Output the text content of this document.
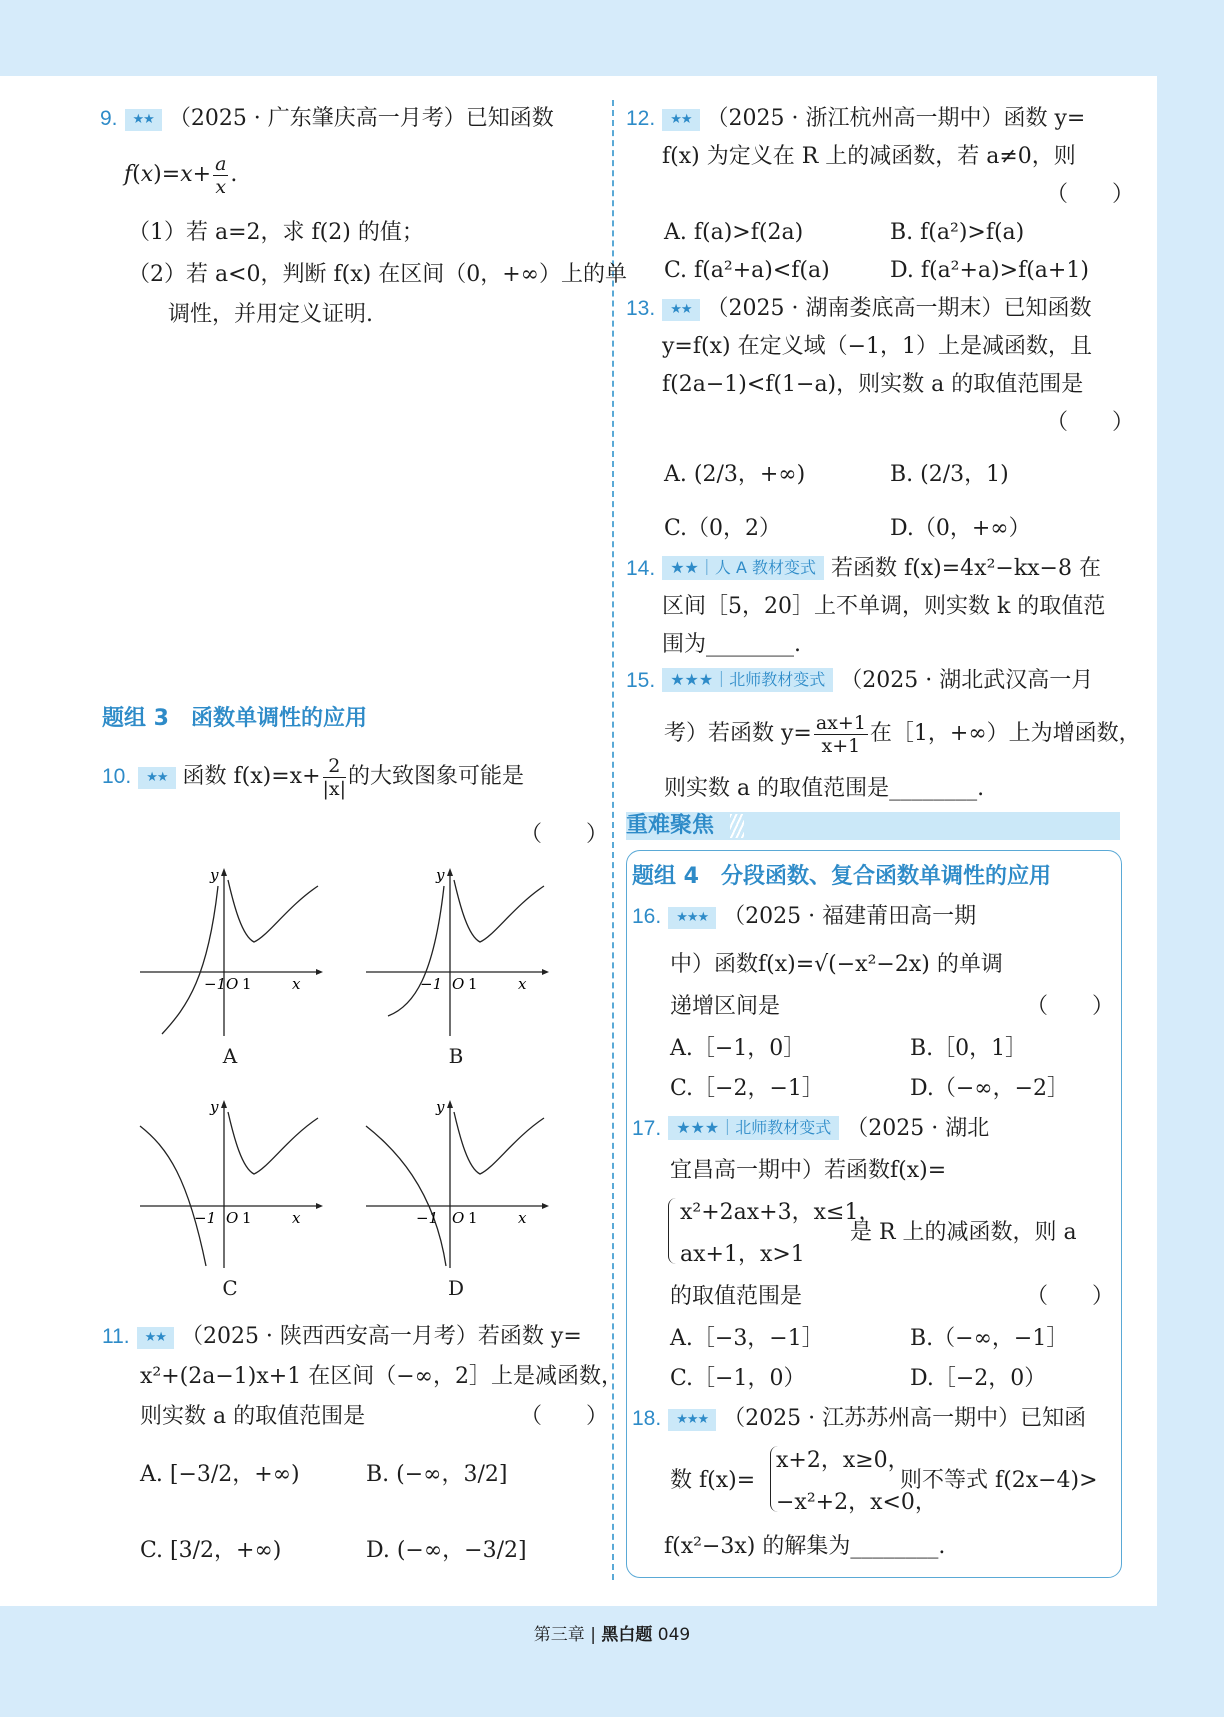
9. ★★ （2025 · 广东肇庆高一月考）已知函数
$f(x)=x+ \frac{a}{x}$ .
（1）若 a=2，求 f(2) 的值；
（2）若 a<0，判断 f(x) 在区间（0，+∞）上的单
调性，并用定义证明.
题组 3　函数单调性的应用
10. ★★ 函数 $f(x)=x+ \frac{2}{|x|}$ 的大致图象可能是
（　　）
−1 O 1	x
y
A
−1 O 1	x
y
B
−1 O 1	x
y
C
−1 O 1	x
y
D
11. ★★ （2025 · 陕西西安高一月考）若函数 y=
x²+(2a−1)x+1 在区间（−∞，2］上是减函数，
则实数 a 的取值范围是	（　　）
A. [−3/2，+∞)	B. (−∞，3/2]
C. [3/2，+∞)	D. (−∞，−3/2]
12. ★★ （2025 · 浙江杭州高一期中）函数 y=
f(x) 为定义在 R 上的减函数，若 a≠0，则
（　　）
A. f(a)>f(2a)	B. f(a²)>f(a)
C. f(a²+a)<f(a)	D. f(a²+a)>f(a+1)
13. ★★ （2025 · 湖南娄底高一期末）已知函数
y=f(x) 在定义域（−1，1）上是减函数，且
f(2a−1)<f(1−a)，则实数 a 的取值范围是
（　　）
A. (2/3，+∞)	B. (2/3，1)
C.（0，2）	D.（0，+∞）
14. ★★｜人 A 教材变式 若函数 f(x)=4x²−kx−8 在
区间［5，20］上不单调，则实数 k 的取值范
围为________.
15. ★★★｜北师教材变式 （2025 · 湖北武汉高一月
考）若函数 $y= \frac{ax+1}{x+1}$ 在［1，+∞）上为增函数，
则实数 a 的取值范围是________.
重难聚焦
题组 4　分段函数、复合函数单调性的应用
16. ★★★ （2025 · 福建莆田高一期
中）函数f(x)=√(−x²−2x) 的单调
递增区间是	（　　）
A.［−1，0］	B.［0，1］
C.［−2，−1］	D.（−∞，−2］
17. ★★★｜北师教材变式 （2025 · 湖北
宜昌高一期中）若函数f(x)=
x²+2ax+3，x≤1，
ax+1，x>1
是 R 上的减函数，则 a
的取值范围是	（　　）
A.［−3，−1］	B.（−∞，−1］
C.［−1，0）	D.［−2，0）
18. ★★★ （2025 · 江苏苏州高一期中）已知函
数 f(x)=
x+2，x≥0，
−x²+2，x<0，
则不等式 f(2x−4)>
f(x²−3x) 的解集为________.
第三章 | 黑白题 049
